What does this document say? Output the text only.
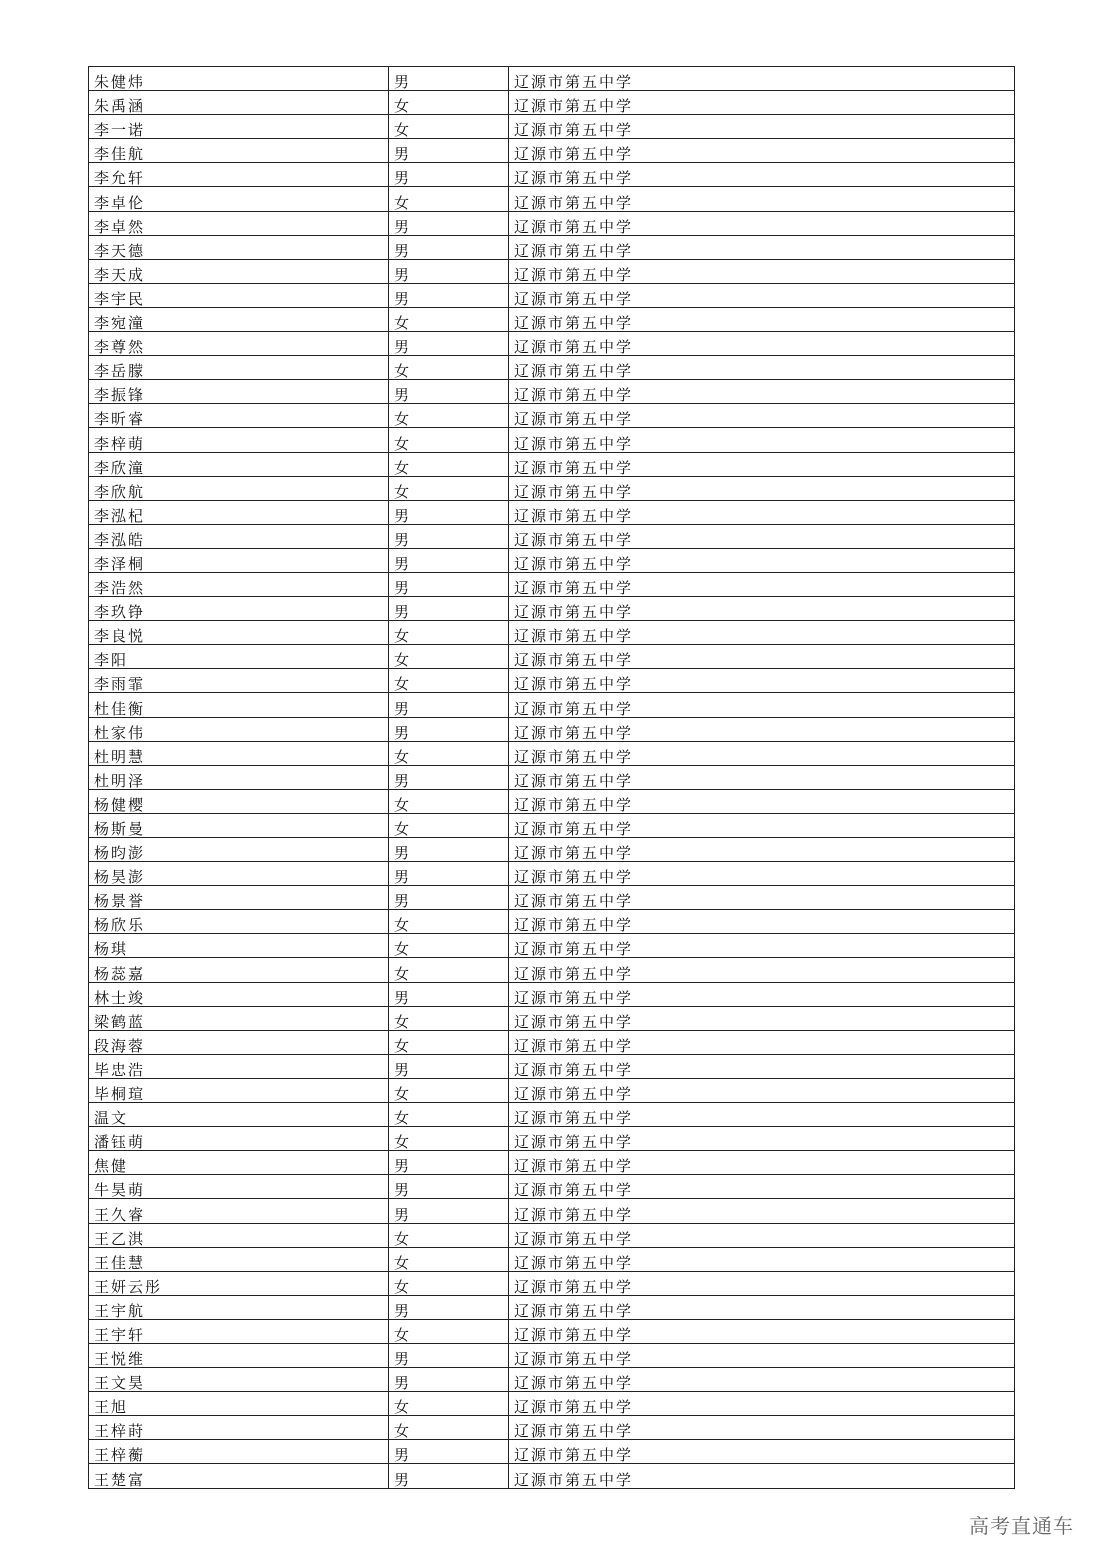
朱健炜	男	辽源市第五中学
朱禹涵	女	辽源市第五中学
李一诺	女	辽源市第五中学
李佳航	男	辽源市第五中学
李允轩	男	辽源市第五中学
李卓伦	女	辽源市第五中学
李卓然	男	辽源市第五中学
李天德	男	辽源市第五中学
李天成	男	辽源市第五中学
李宇民	男	辽源市第五中学
李宛潼	女	辽源市第五中学
李尊然	男	辽源市第五中学
李岳朦	女	辽源市第五中学
李振锋	男	辽源市第五中学
李昕睿	女	辽源市第五中学
李梓萌	女	辽源市第五中学
李欣潼	女	辽源市第五中学
李欣航	女	辽源市第五中学
李泓杞	男	辽源市第五中学
李泓皓	男	辽源市第五中学
李泽桐	男	辽源市第五中学
李浩然	男	辽源市第五中学
李玖铮	男	辽源市第五中学
李良悦	女	辽源市第五中学
李阳	女	辽源市第五中学
李雨霏	女	辽源市第五中学
杜佳衡	男	辽源市第五中学
杜家伟	男	辽源市第五中学
杜明慧	女	辽源市第五中学
杜明泽	男	辽源市第五中学
杨健樱	女	辽源市第五中学
杨斯曼	女	辽源市第五中学
杨昀澎	男	辽源市第五中学
杨昊澎	男	辽源市第五中学
杨景誉	男	辽源市第五中学
杨欣乐	女	辽源市第五中学
杨琪	女	辽源市第五中学
杨蕊嘉	女	辽源市第五中学
林士竣	男	辽源市第五中学
梁鹤蓝	女	辽源市第五中学
段海蓉	女	辽源市第五中学
毕忠浩	男	辽源市第五中学
毕桐瑄	女	辽源市第五中学
温文	女	辽源市第五中学
潘钰萌	女	辽源市第五中学
焦健	男	辽源市第五中学
牛昊萌	男	辽源市第五中学
王久睿	男	辽源市第五中学
王乙淇	女	辽源市第五中学
王佳慧	女	辽源市第五中学
王妍云彤	女	辽源市第五中学
王宇航	男	辽源市第五中学
王宇轩	女	辽源市第五中学
王悦维	男	辽源市第五中学
王文昊	男	辽源市第五中学
王旭	女	辽源市第五中学
王梓莳	女	辽源市第五中学
王梓蘅	男	辽源市第五中学
王楚富	男	辽源市第五中学
高考直通车
